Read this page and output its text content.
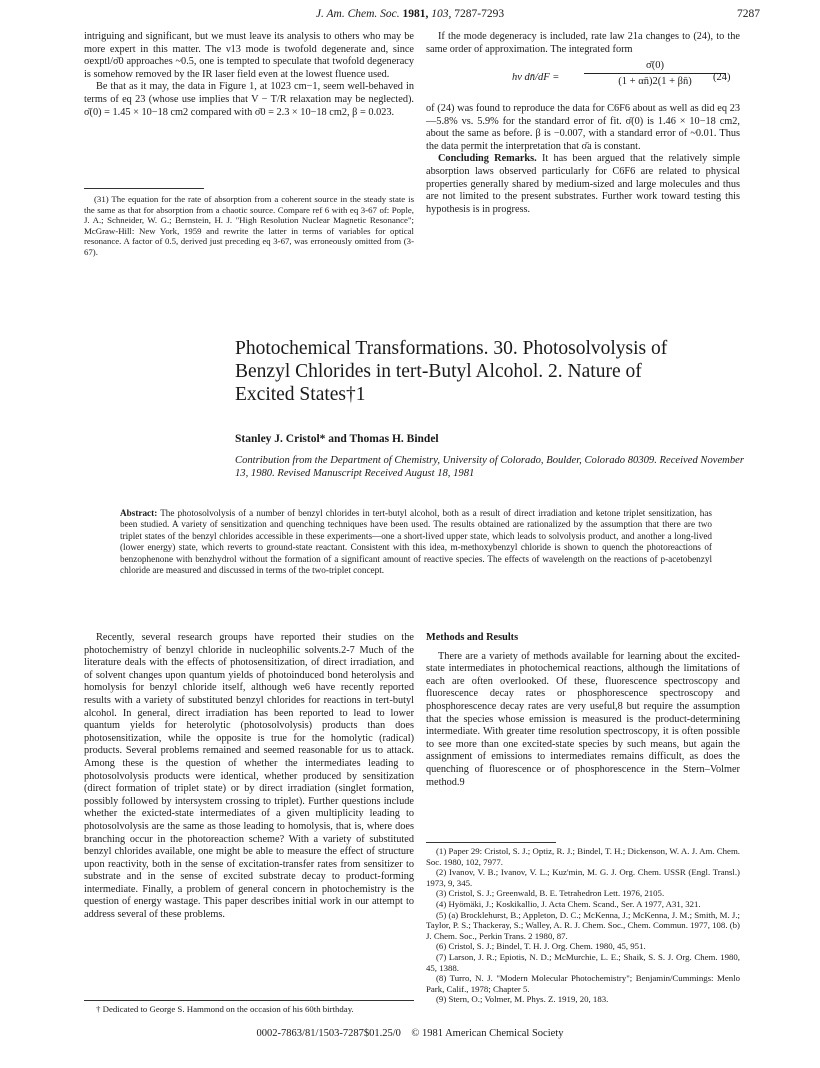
J. Am. Chem. Soc. 1981, 103, 7287-7293	7287

intriguing and significant, but we must leave its analysis to others who may be more expert in this matter. The ν13 mode is twofold degenerate and, since σexptl/σ̄0 approaches ~0.5, one is tempted to speculate that twofold degeneracy is somehow removed by the IR laser field even at the lowest fluence used.

Be that as it may, the data in Figure 1, at 1023 cm−1, seem well-behaved in terms of eq 23 (whose use implies that V − T/R relaxation may be neglected). σ̄(0) = 1.45 × 10−18 cm2 compared with σ̄0 = 2.3 × 10−18 cm2, β = 0.023.

(31) The equation for the rate of absorption from a coherent source in the steady state is the same as that for absorption from a chaotic source. Compare ref 6 with eq 3-67 of: Pople, J. A.; Schneider, W. G.; Bernstein, H. J. "High Resolution Nuclear Magnetic Resonance"; McGraw-Hill: New York, 1959 and rewrite the latter in terms of variables for optical resonance. A factor of 0.5, derived just preceding eq 3-67, was erroneously omitted from (3-67).

If the mode degeneracy is included, rate law 21a changes to (24), to the same order of approximation. The integrated form

hν dn̄/dF =
σ̄(0)
(1 + αn̄)2(1 + βn̄)	(24)

of (24) was found to reproduce the data for C6F6 about as well as did eq 23—5.8% vs. 5.9% for the standard error of fit. σ̄(0) is 1.46 × 10−18 cm2, about the same as before. β is −0.007, with a standard error of ~0.01. Thus the data permit the interpretation that σ̄a is constant.

Concluding Remarks. It has been argued that the relatively simple absorption laws observed particularly for C6F6 are related to physical properties generally shared by medium-sized and large molecules and thus are not limited to the present substrates. Further work toward testing this hypothesis is in progress.

Photochemical Transformations. 30. Photosolvolysis of
Benzyl Chlorides in tert-Butyl Alcohol. 2. Nature of
Excited States†1
Stanley J. Cristol* and Thomas H. Bindel
Contribution from the Department of Chemistry, University of Colorado, Boulder, Colorado 80309. Received November 13, 1980. Revised Manuscript Received August 18, 1981
Abstract: The photosolvolysis of a number of benzyl chlorides in tert-butyl alcohol, both as a result of direct irradiation and ketone triplet sensitization, has been studied. A variety of sensitization and quenching techniques have been used. The results obtained are rationalized by the assumption that there are two triplet states of the benzyl chlorides accessible in these experiments—one a short-lived upper state, which leads to solvolysis product, and another a long-lived (lower energy) state, which reverts to ground-state reactant. Consistent with this idea, m-methoxybenzyl chloride is shown to quench the photoreactions of benzophenone with benzhydrol without the formation of a significant amount of reactive species. The effects of wavelength on the reactions of p-acetobenzyl chloride are measured and discussed in terms of the two-triplet concept.

Recently, several research groups have reported their studies on the photochemistry of benzyl chloride in nucleophilic solvents.2-7 Much of the literature deals with the effects of photosensitization, of direct irradiation, and of solvent changes upon quantum yields of photoinduced bond heterolysis and homolysis for benzyl chloride itself, although we6 have recently reported results with a variety of substituted benzyl chlorides for reactions in tert-butyl alcohol. In general, direct irradiation has been reported to lead to lower quantum yields for heterolytic (photosolvolysis) products than does photosensitization, while the opposite is true for the homolytic (radical) products. Several problems remained and seemed reasonable for us to attack. Among these is the question of whether the intermediates leading to photosolvolysis products were identical, whether produced by sensitization (direct formation of triplet state) or by direct irradiation (singlet formation, possibly followed by intersystem crossing to triplet). Further questions include whether the exicted-state intermediates of a given multiplicity leading to photosolvolysis are the same as those leading to homolysis, that is, where does branching occur in the photoreaction scheme? With a variety of substituted benzyl chlorides available, one might be able to measure the effect of structure upon reactivity, both in the sense of excitation-transfer rates from sensitizer to substrate and in the sense of excited substrate decay to product-forming intermediate. Finally, a problem of general concern in photochemistry is the question of energy wastage. This paper describes initial work in our attempt to address several of these problems.

† Dedicated to George S. Hammond on the occasion of his 60th birthday.

Methods and Results

There are a variety of methods available for learning about the excited-state intermediates in photochemical reactions, although the limitations of each are often overlooked. Of these, fluorescence spectroscopy and fluorescence decay rates or phosphorescence spectroscopy and phosphorescence decay rates are very useful,8 but require the assumption that the species whose emission is measured is the product-determining intermediate. With greater time resolution spectroscopy, it is often possible to see more than one excited-state species by such means, but again the assignment of emissions to intermediates remains difficult, as does the quenching of fluorescence or of phosphorescence in the Stern–Volmer method.9

(1) Paper 29: Cristol, S. J.; Optiz, R. J.; Bindel, T. H.; Dickenson, W. A. J. Am. Chem. Soc. 1980, 102, 7977.

(2) Ivanov, V. B.; Ivanov, V. L.; Kuz'min, M. G. J. Org. Chem. USSR (Engl. Transl.) 1973, 9, 345.

(3) Cristol, S. J.; Greenwald, B. E. Tetrahedron Lett. 1976, 2105.

(4) Hyömäki, J.; Koskikallio, J. Acta Chem. Scand., Ser. A 1977, A31, 321.

(5) (a) Brocklehurst, B.; Appleton, D. C.; McKenna, J.; McKenna, J. M.; Smith, M. J.; Taylor, P. S.; Thackeray, S.; Walley, A. R. J. Chem. Soc., Chem. Commun. 1977, 108. (b) J. Chem. Soc., Perkin Trans. 2 1980, 87.

(6) Cristol, S. J.; Bindel, T. H. J. Org. Chem. 1980, 45, 951.

(7) Larson, J. R.; Epiotis, N. D.; McMurchie, L. E.; Shaik, S. S. J. Org. Chem. 1980, 45, 1388.

(8) Turro, N. J. "Modern Molecular Photochemistry"; Benjamin/Cummings: Menlo Park, Calif., 1978; Chapter 5.

(9) Stern, O.; Volmer, M. Phys. Z. 1919, 20, 183.

0002-7863/81/1503-7287$01.25/0 © 1981 American Chemical Society
